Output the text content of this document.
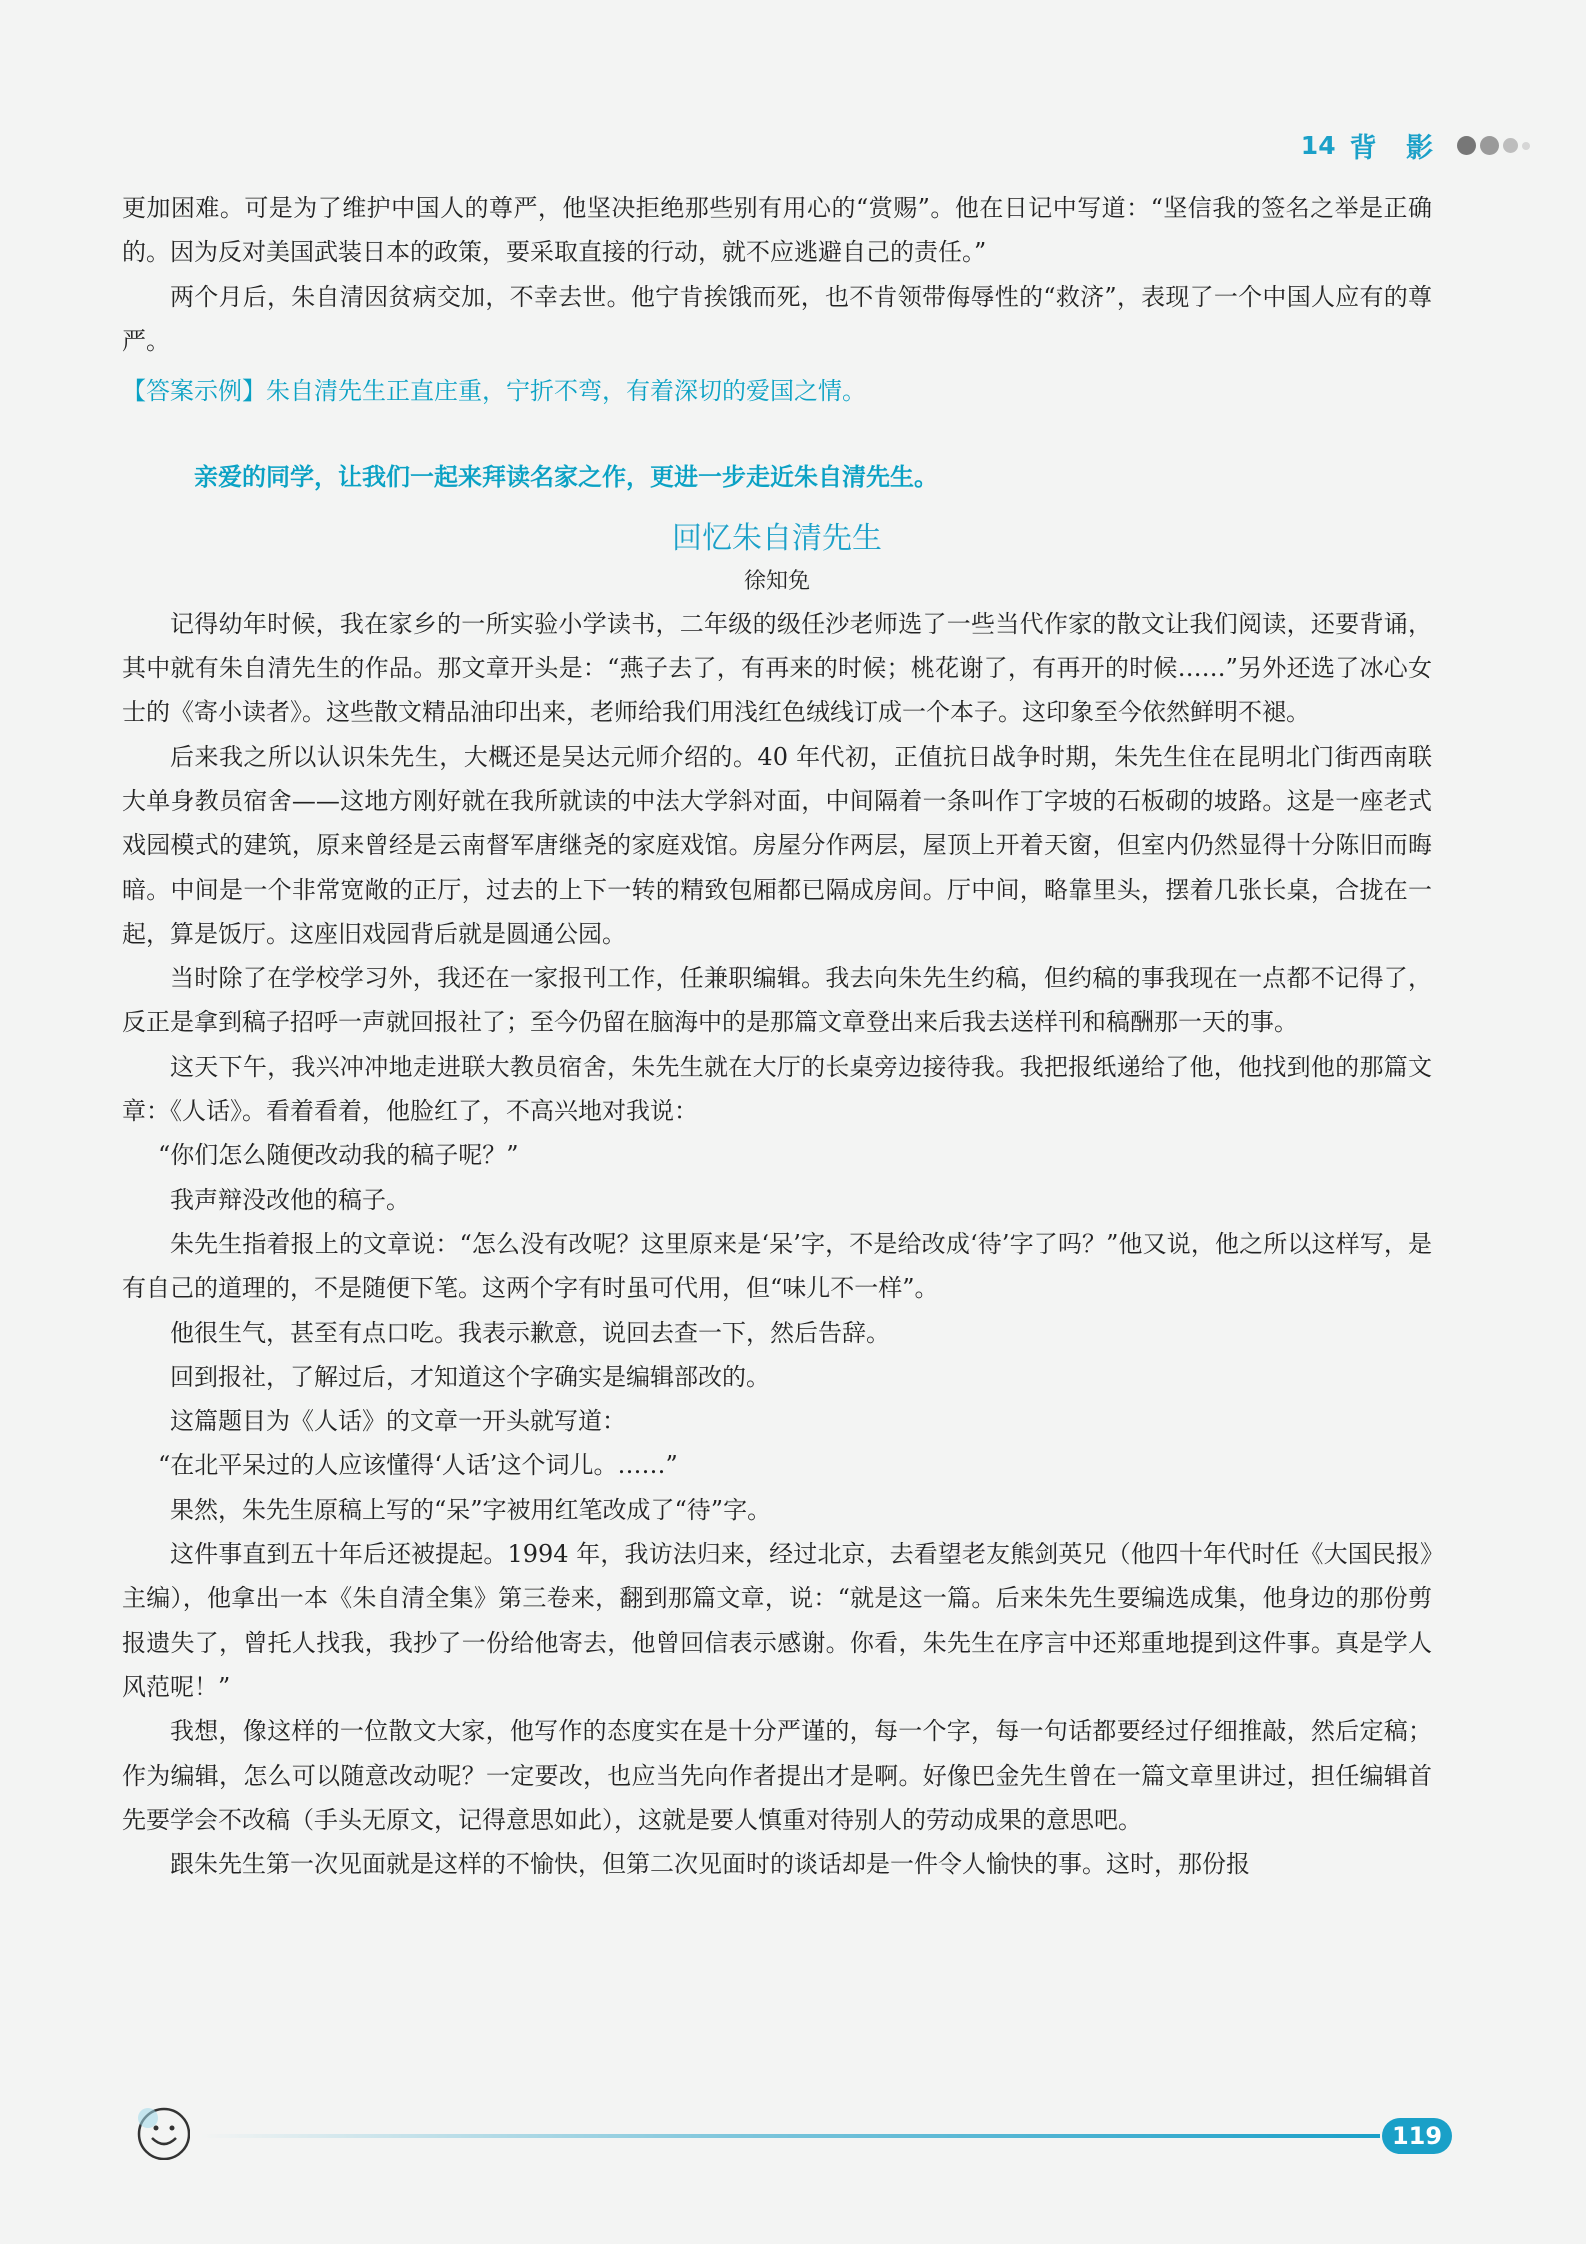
14 背 影

更加困难。可是为了维护中国人的尊严，他坚决拒绝那些别有用心的“赏赐”。他在日记中写道：“坚信我的签名之举是正确的。因为反对美国武装日本的政策，要采取直接的行动，就不应逃避自己的责任。”

两个月后，朱自清因贫病交加，不幸去世。他宁肯挨饿而死，也不肯领带侮辱性的“救济”，表现了一个中国人应有的尊严。

【答案示例】朱自清先生正直庄重，宁折不弯，有着深切的爱国之情。

亲爱的同学，让我们一起来拜读名家之作，更进一步走近朱自清先生。

回忆朱自清先生

徐知免

记得幼年时候，我在家乡的一所实验小学读书，二年级的级任沙老师选了一些当代作家的散文让我们阅读，还要背诵，其中就有朱自清先生的作品。那文章开头是：“燕子去了，有再来的时候；桃花谢了，有再开的时候……”另外还选了冰心女士的《寄小读者》。这些散文精品油印出来，老师给我们用浅红色绒线订成一个本子。这印象至今依然鲜明不褪。

后来我之所以认识朱先生，大概还是吴达元师介绍的。40 年代初，正值抗日战争时期，朱先生住在昆明北门街西南联大单身教员宿舍——这地方刚好就在我所就读的中法大学斜对面，中间隔着一条叫作丁字坡的石板砌的坡路。这是一座老式戏园模式的建筑，原来曾经是云南督军唐继尧的家庭戏馆。房屋分作两层，屋顶上开着天窗，但室内仍然显得十分陈旧而晦暗。中间是一个非常宽敞的正厅，过去的上下一转的精致包厢都已隔成房间。厅中间，略靠里头，摆着几张长桌，合拢在一起，算是饭厅。这座旧戏园背后就是圆通公园。

当时除了在学校学习外，我还在一家报刊工作，任兼职编辑。我去向朱先生约稿，但约稿的事我现在一点都不记得了，反正是拿到稿子招呼一声就回报社了；至今仍留在脑海中的是那篇文章登出来后我去送样刊和稿酬那一天的事。

这天下午，我兴冲冲地走进联大教员宿舍，朱先生就在大厅的长桌旁边接待我。我把报纸递给了他，他找到他的那篇文章：《人话》。看着看着，他脸红了，不高兴地对我说：

“你们怎么随便改动我的稿子呢？”

我声辩没改他的稿子。

朱先生指着报上的文章说：“怎么没有改呢？这里原来是‘呆’字，不是给改成‘待’字了吗？”他又说，他之所以这样写，是有自己的道理的，不是随便下笔。这两个字有时虽可代用，但“味儿不一样”。

他很生气，甚至有点口吃。我表示歉意，说回去查一下，然后告辞。

回到报社，了解过后，才知道这个字确实是编辑部改的。

这篇题目为《人话》的文章一开头就写道：

“在北平呆过的人应该懂得‘人话’这个词儿。……”

果然，朱先生原稿上写的“呆”字被用红笔改成了“待”字。

这件事直到五十年后还被提起。1994 年，我访法归来，经过北京，去看望老友熊剑英兄（他四十年代时任《大国民报》主编），他拿出一本《朱自清全集》第三卷来，翻到那篇文章，说：“就是这一篇。后来朱先生要编选成集，他身边的那份剪报遗失了，曾托人找我，我抄了一份给他寄去，他曾回信表示感谢。你看，朱先生在序言中还郑重地提到这件事。真是学人风范呢！”

我想，像这样的一位散文大家，他写作的态度实在是十分严谨的，每一个字，每一句话都要经过仔细推敲，然后定稿；作为编辑，怎么可以随意改动呢？一定要改，也应当先向作者提出才是啊。好像巴金先生曾在一篇文章里讲过，担任编辑首先要学会不改稿（手头无原文，记得意思如此），这就是要人慎重对待别人的劳动成果的意思吧。

跟朱先生第一次见面就是这样的不愉快，但第二次见面时的谈话却是一件令人愉快的事。这时，那份报

119
